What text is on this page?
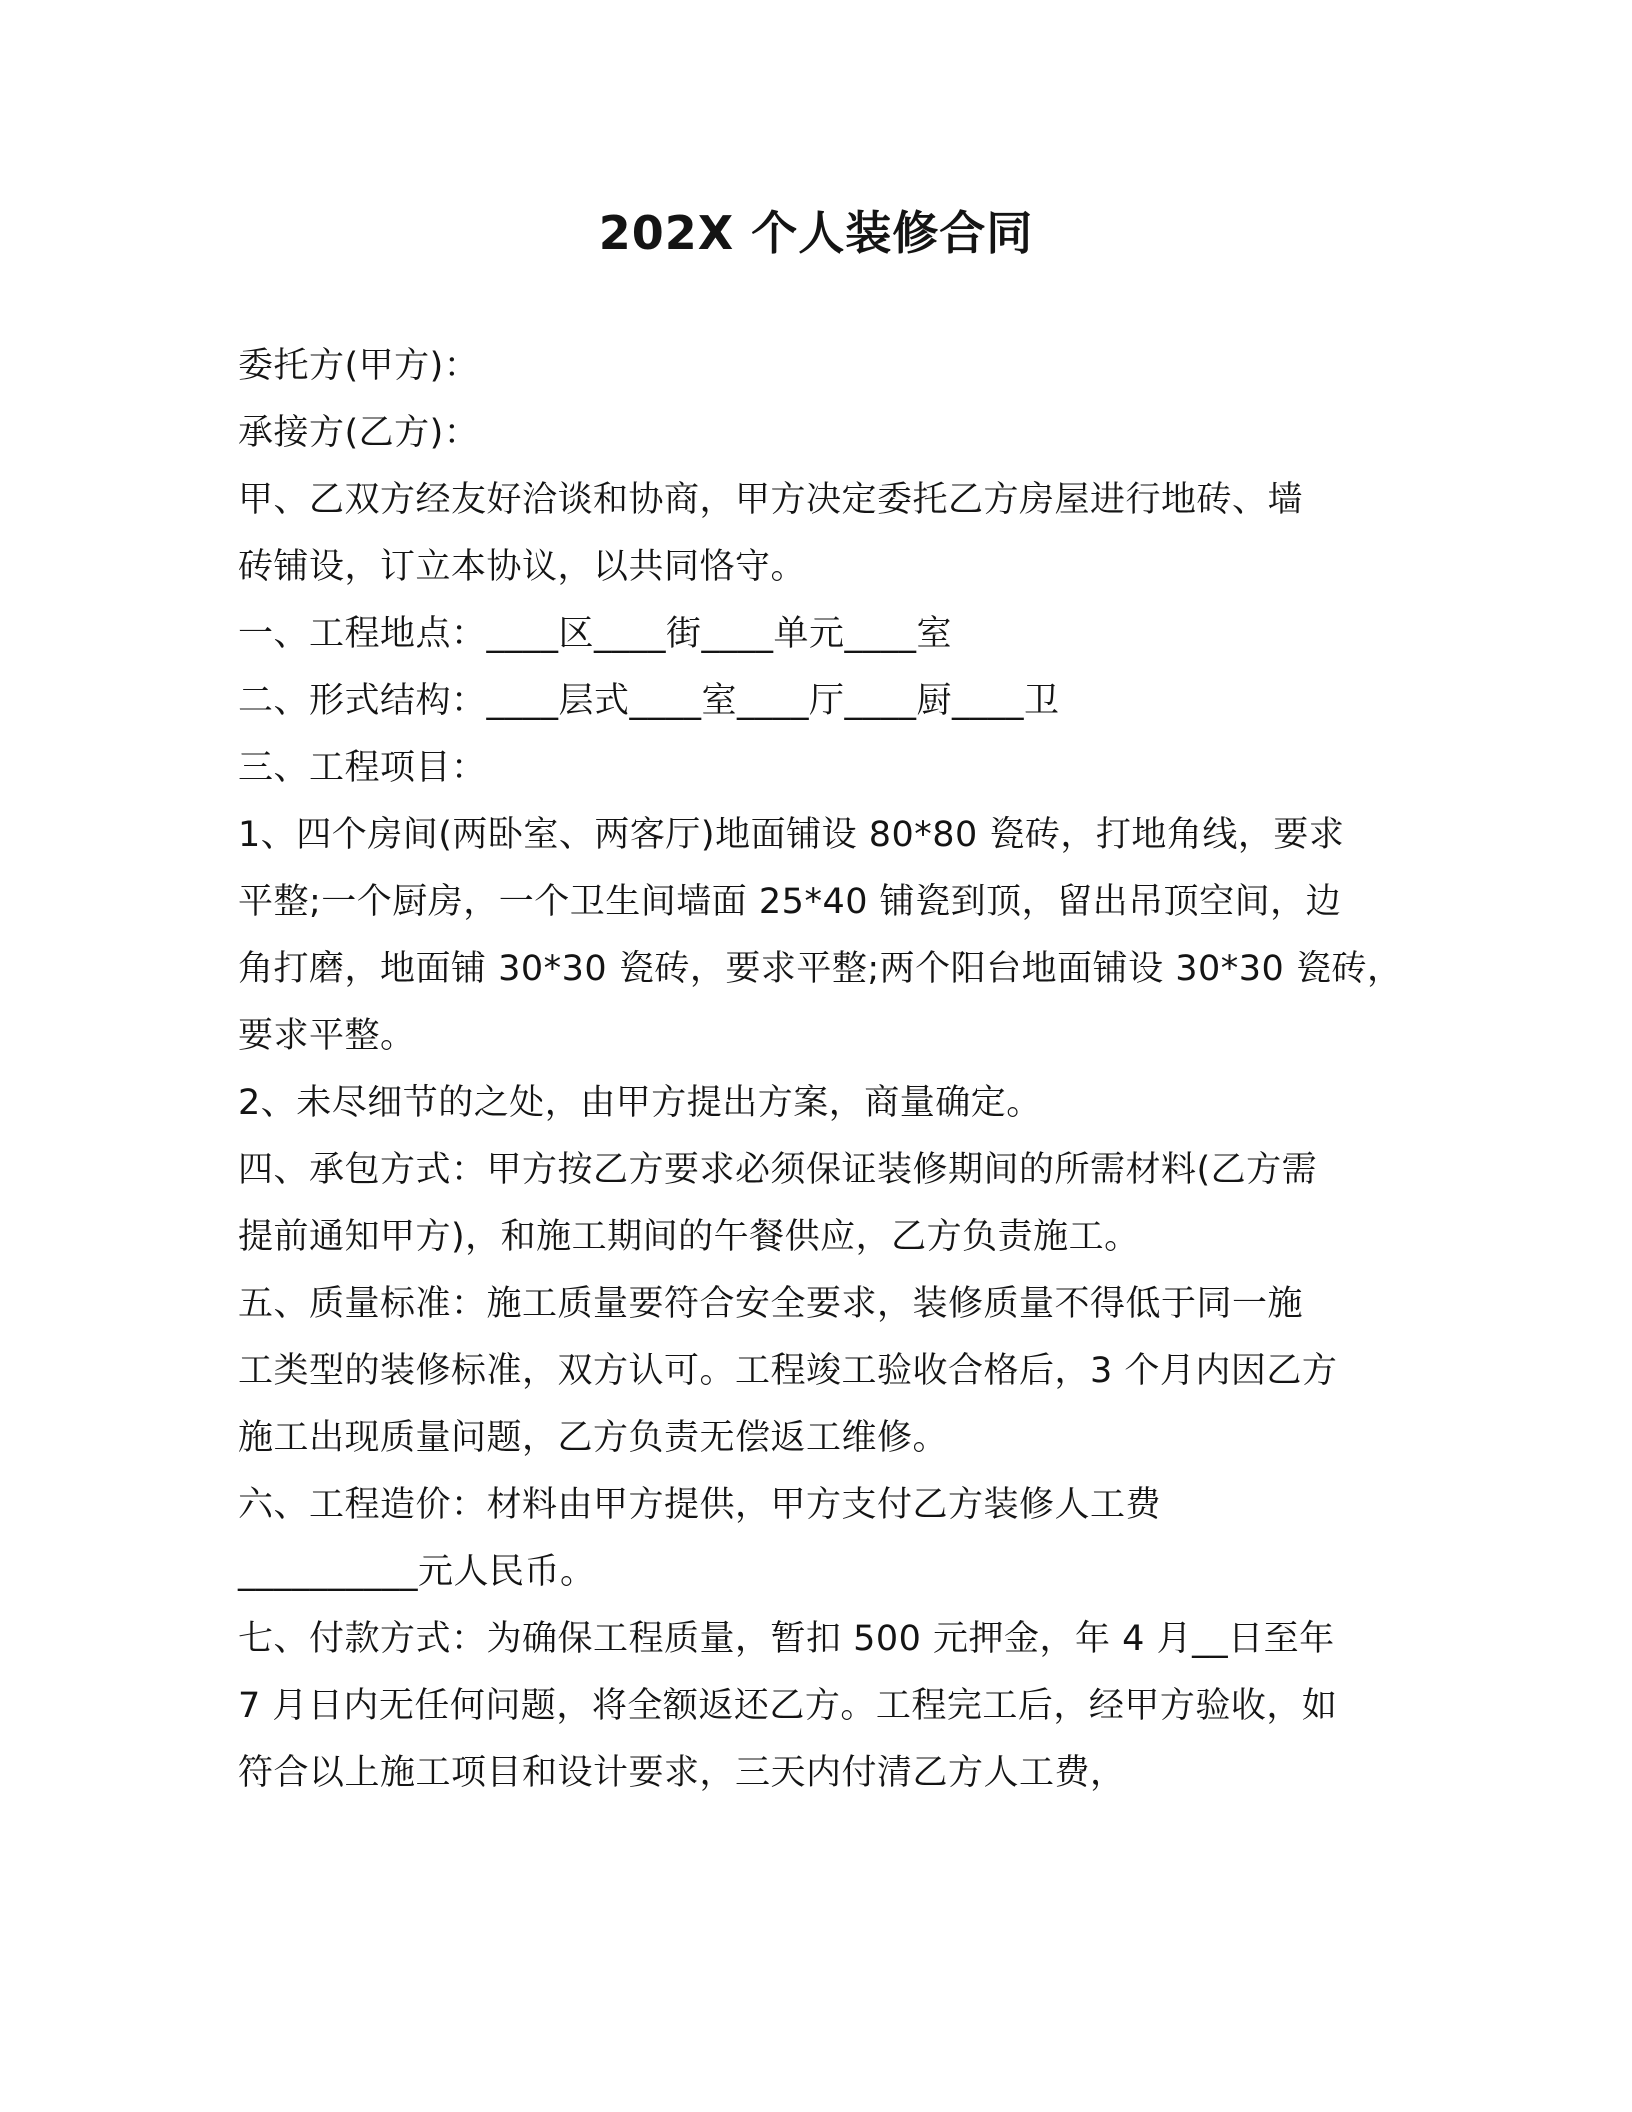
202X 个人装修合同
委托方(甲方)：
承接方(乙方)：
甲、乙双方经友好洽谈和协商，甲方决定委托乙方房屋进行地砖、墙
砖铺设，订立本协议，以共同恪守。
一、工程地点：____区____街____单元____室
二、形式结构：____层式____室____厅____厨____卫
三、工程项目：
1、四个房间(两卧室、两客厅)地面铺设 80*80 瓷砖，打地角线，要求
平整;一个厨房，一个卫生间墙面 25*40 铺瓷到顶，留出吊顶空间，边
角打磨，地面铺 30*30 瓷砖，要求平整;两个阳台地面铺设 30*30 瓷砖，
要求平整。
2、未尽细节的之处，由甲方提出方案，商量确定。
四、承包方式：甲方按乙方要求必须保证装修期间的所需材料(乙方需
提前通知甲方)，和施工期间的午餐供应，乙方负责施工。
五、质量标准：施工质量要符合安全要求，装修质量不得低于同一施
工类型的装修标准，双方认可。工程竣工验收合格后，3 个月内因乙方
施工出现质量问题，乙方负责无偿返工维修。
六、工程造价：材料由甲方提供，甲方支付乙方装修人工费
__________元人民币。
七、付款方式：为确保工程质量，暂扣 500 元押金，年 4 月__日至年
7 月日内无任何问题，将全额返还乙方。工程完工后，经甲方验收，如
符合以上施工项目和设计要求，三天内付清乙方人工费，
